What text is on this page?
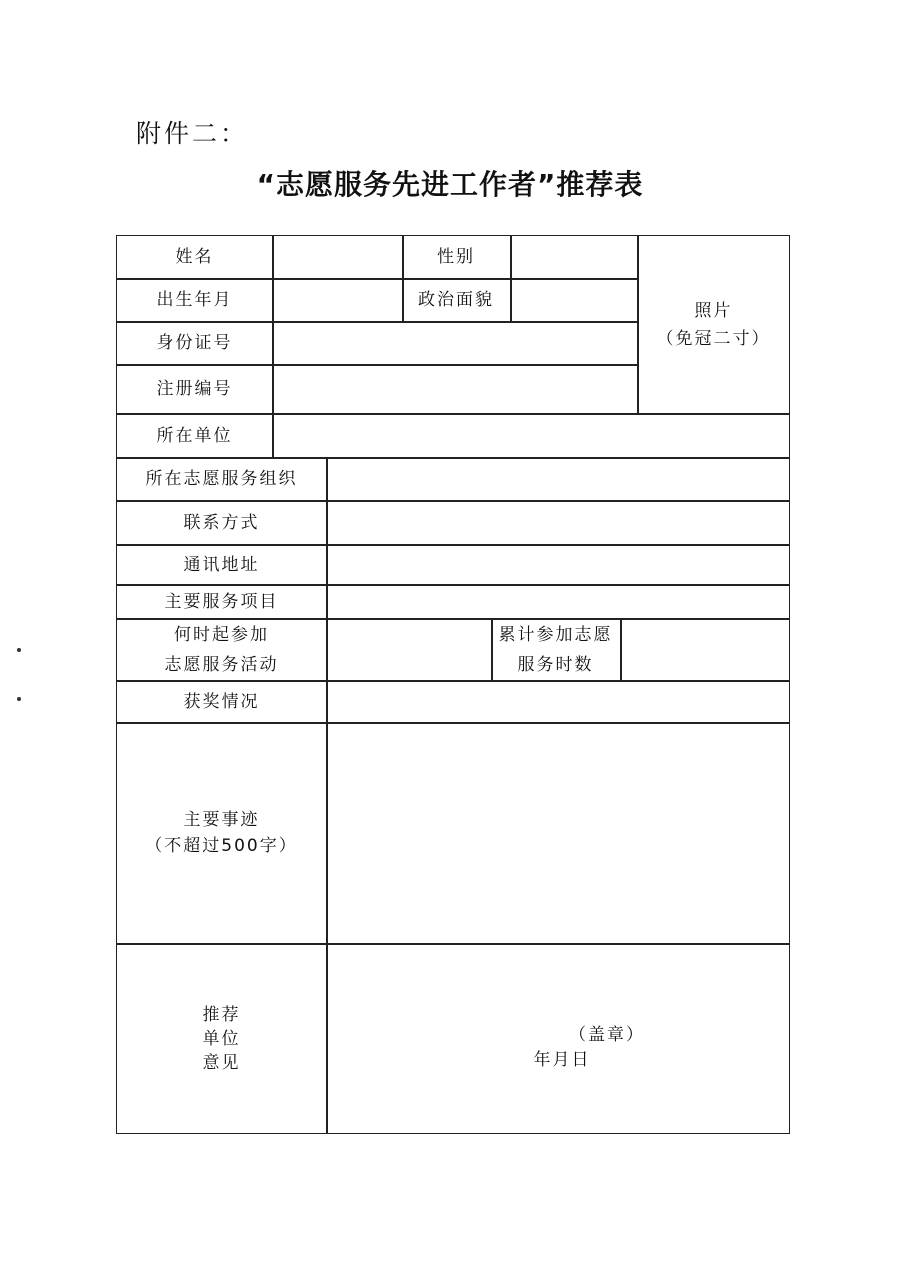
附件二：
“志愿服务先进工作者”推荐表
姓名	性别
出生年月	政治面貌
身份证号
注册编号
照片
（免冠二寸）
所在单位
所在志愿服务组织
联系方式
通讯地址
主要服务项目
何时起参加
志愿服务活动
累计参加志愿
服务时数
获奖情况
主要事迹
（不超过500字）
推荐
单位
意见
（盖章）
年月日
